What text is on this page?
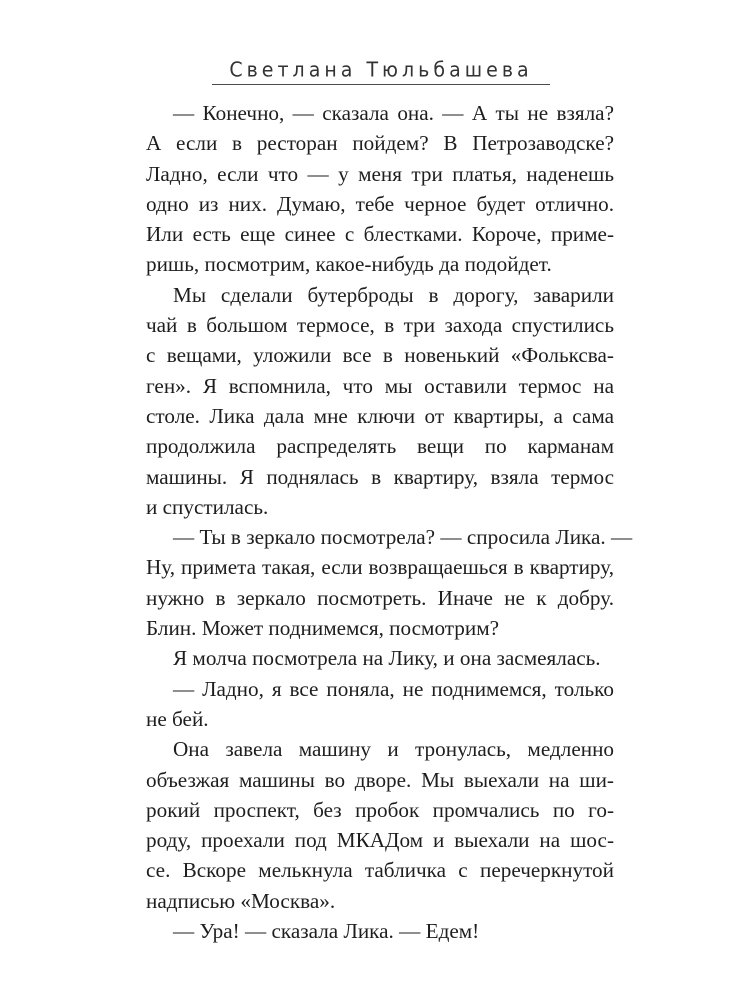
Светлана Тюльбашева
— Конечно, — сказала она. — А ты не взяла?
А если в ресторан пойдем? В Петрозаводске?
Ладно, если что — у меня три платья, наденешь
одно из них. Думаю, тебе черное будет отлично.
Или есть еще синее с блестками. Короче, приме-
ришь, посмотрим, какое-нибудь да подойдет.
Мы сделали бутерброды в дорогу, заварили
чай в большом термосе, в три захода спустились
с вещами, уложили все в новенький «Фольксва-
ген». Я вспомнила, что мы оставили термос на
столе. Лика дала мне ключи от квартиры, а сама
продолжила распределять вещи по карманам
машины. Я поднялась в квартиру, взяла термос
и спустилась.
— Ты в зеркало посмотрела? — спросила Лика. —
Ну, примета такая, если возвращаешься в квартиру,
нужно в зеркало посмотреть. Иначе не к добру.
Блин. Может поднимемся, посмотрим?
Я молча посмотрела на Лику, и она засмеялась.
— Ладно, я все поняла, не поднимемся, только
не бей.
Она завела машину и тронулась, медленно
объезжая машины во дворе. Мы выехали на ши-
рокий проспект, без пробок промчались по го-
роду, проехали под МКАДом и выехали на шос-
се. Вскоре мелькнула табличка с перечеркнутой
надписью «Москва».
— Ура! — сказала Лика. — Едем!
